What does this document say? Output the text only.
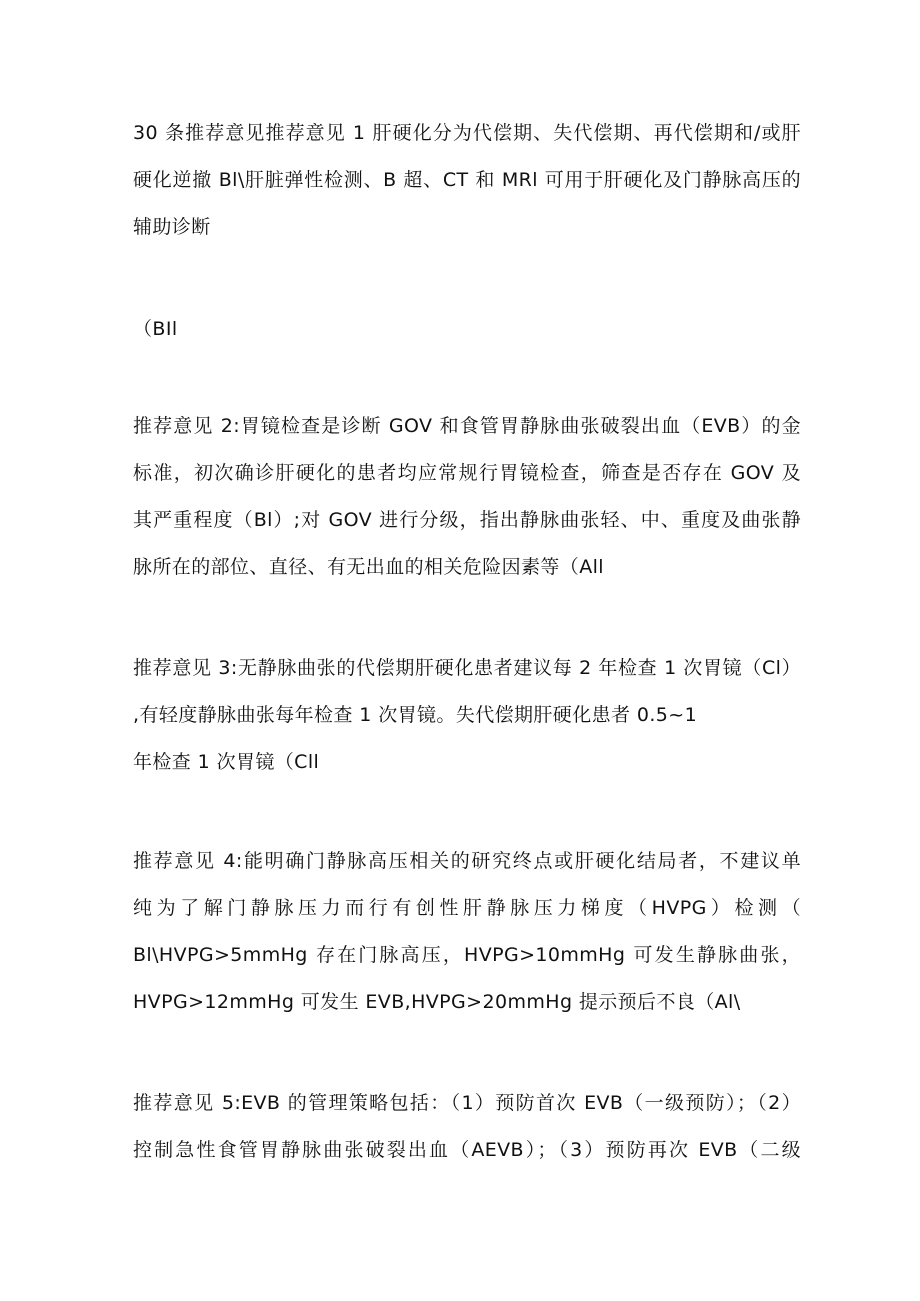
30 条推荐意见推荐意见 1 肝硬化分为代偿期、失代偿期、再代偿期和/或肝
硬化逆撤 Bl\肝脏弹性检测、B 超、CT 和 MRl 可用于肝硬化及门静脉高压的
辅助诊断

（BIl

推荐意见 2:胃镜检查是诊断 GOV 和食管胃静脉曲张破裂出血（EVB）的金
标准，初次确诊肝硬化的患者均应常规行胃镜检查，筛查是否存在 GOV 及
其严重程度（Bl）;对 GOV 进行分级，指出静脉曲张轻、中、重度及曲张静
脉所在的部位、直径、有无出血的相关危险因素等（All

推荐意见 3:无静脉曲张的代偿期肝硬化患者建议每 2 年检查 1 次胃镜（Cl）
,有轻度静脉曲张每年检查 1 次胃镜。失代偿期肝硬化患者 0.5~1
年检查 1 次胃镜（Cll

推荐意见 4:能明确门静脉高压相关的研究终点或肝硬化结局者，不建议单
纯为了解门静脉压力而行有创性肝静脉压力梯度（HVPG）检测（
Bl\HVPG>5mmHg 存在门脉高压，HVPG>10mmHg 可发生静脉曲张，
HVPG>12mmHg 可发生 EVB,HVPG>20mmHg 提示预后不良（Al\

推荐意见 5:EVB 的管理策略包括：（1）预防首次 EVB（一级预防）；（2）
控制急性食管胃静脉曲张破裂出血（AEVB）；（3）预防再次 EVB（二级
